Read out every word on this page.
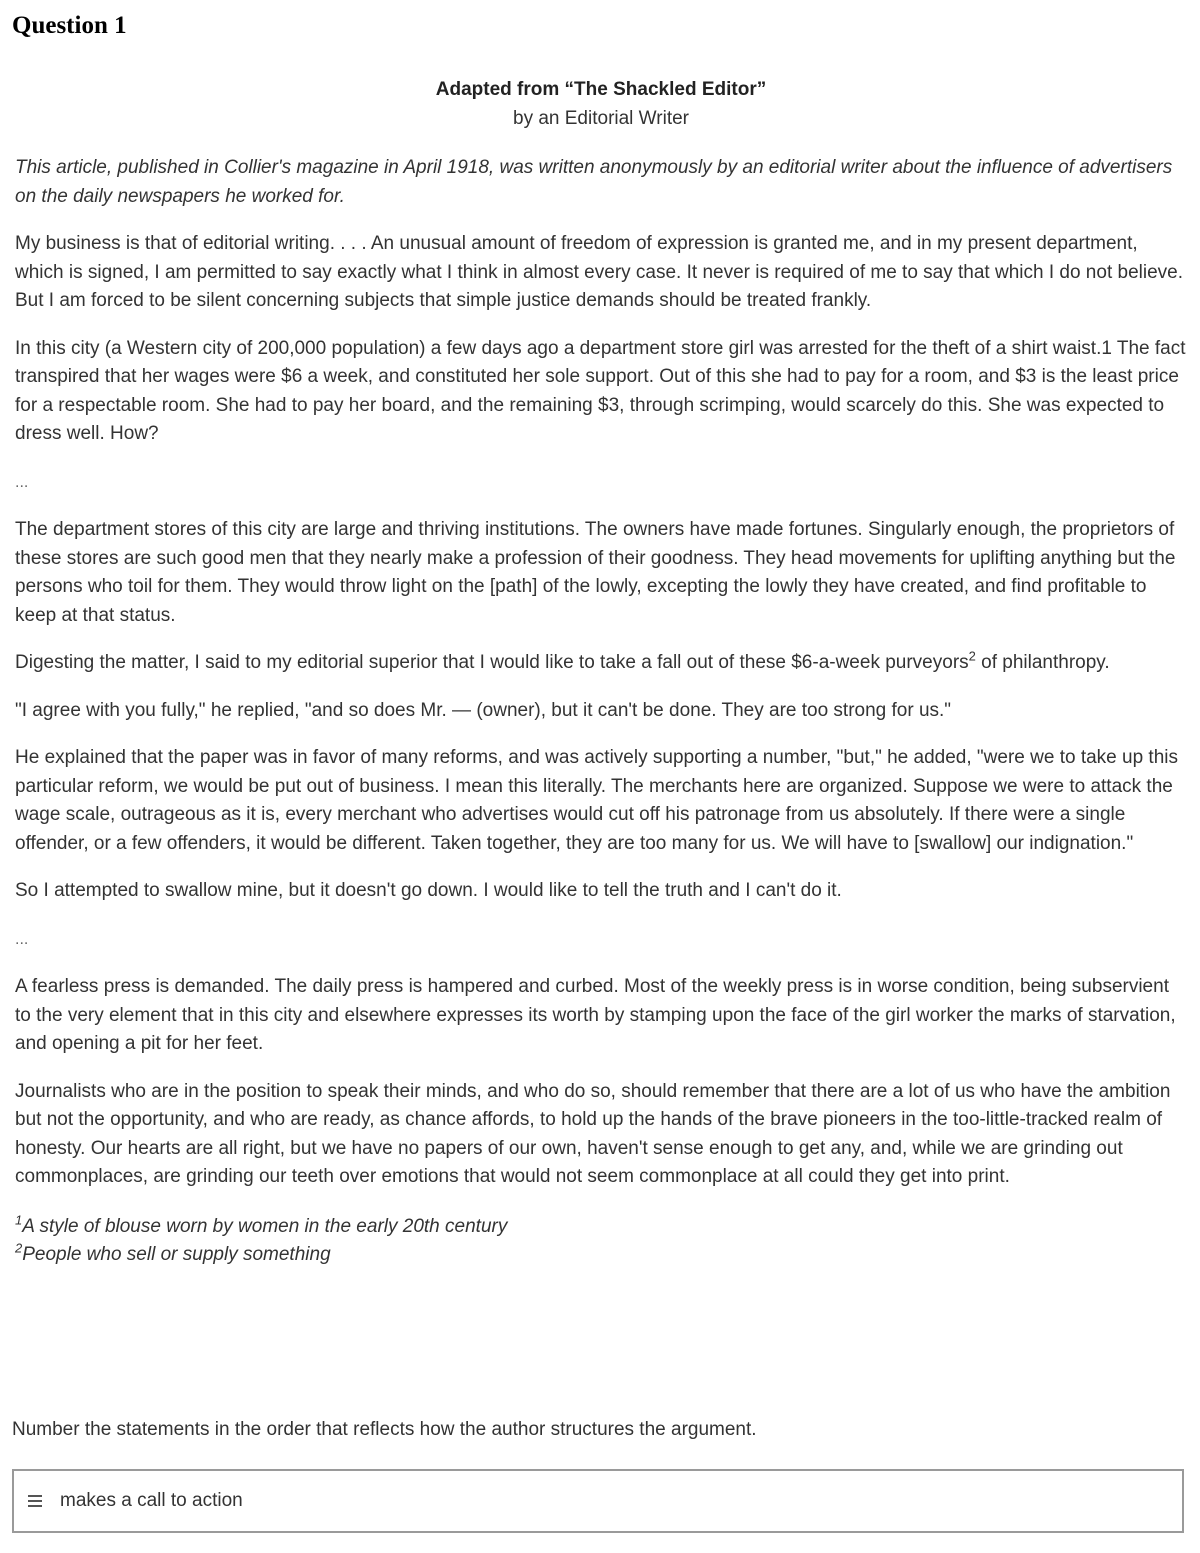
Question 1
Adapted from “The Shackled Editor”
by an Editorial Writer

This article, published in Collier's magazine in April 1918, was written anonymously by an editorial writer about the influence of advertisers on the daily newspapers he worked for.

My business is that of editorial writing. . . . An unusual amount of freedom of expression is granted me, and in my present department, which is signed, I am permitted to say exactly what I think in almost every case. It never is required of me to say that which I do not believe. But I am forced to be silent concerning subjects that simple justice demands should be treated frankly.

In this city (a Western city of 200,000 population) a few days ago a department store girl was arrested for the theft of a shirt waist.1 The fact transpired that her wages were $6 a week, and constituted her sole support. Out of this she had to pay for a room, and $3 is the least price for a respectable room. She had to pay her board, and the remaining $3, through scrimping, would scarcely do this. She was expected to dress well. How?

...

The department stores of this city are large and thriving institutions. The owners have made fortunes. Singularly enough, the proprietors of these stores are such good men that they nearly make a profession of their goodness. They head movements for uplifting anything but the persons who toil for them. They would throw light on the [path] of the lowly, excepting the lowly they have created, and find profitable to keep at that status.

Digesting the matter, I said to my editorial superior that I would like to take a fall out of these $6-a-week purveyors$^2$ of philanthropy.

"I agree with you fully," he replied, "and so does Mr. — (owner), but it can't be done. They are too strong for us."

He explained that the paper was in favor of many reforms, and was actively supporting a number, "but," he added, "were we to take up this particular reform, we would be put out of business. I mean this literally. The merchants here are organized. Suppose we were to attack the wage scale, outrageous as it is, every merchant who advertises would cut off his patronage from us absolutely. If there were a single offender, or a few offenders, it would be different. Taken together, they are too many for us. We will have to [swallow] our indignation."

So I attempted to swallow mine, but it doesn't go down. I would like to tell the truth and I can't do it.

...

A fearless press is demanded. The daily press is hampered and curbed. Most of the weekly press is in worse condition, being subservient to the very element that in this city and elsewhere expresses its worth by stamping upon the face of the girl worker the marks of starvation, and opening a pit for her feet.

Journalists who are in the position to speak their minds, and who do so, should remember that there are a lot of us who have the ambition but not the opportunity, and who are ready, as chance affords, to hold up the hands of the brave pioneers in the too-little-tracked realm of honesty. Our hearts are all right, but we have no papers of our own, haven't sense enough to get any, and, while we are grinding out commonplaces, are grinding our teeth over emotions that would not seem commonplace at all could they get into print.

$^1$A style of blouse worn by women in the early 20th century
$^2$People who sell or supply something

Number the statements in the order that reflects how the author structures the argument.

makes a call to action
